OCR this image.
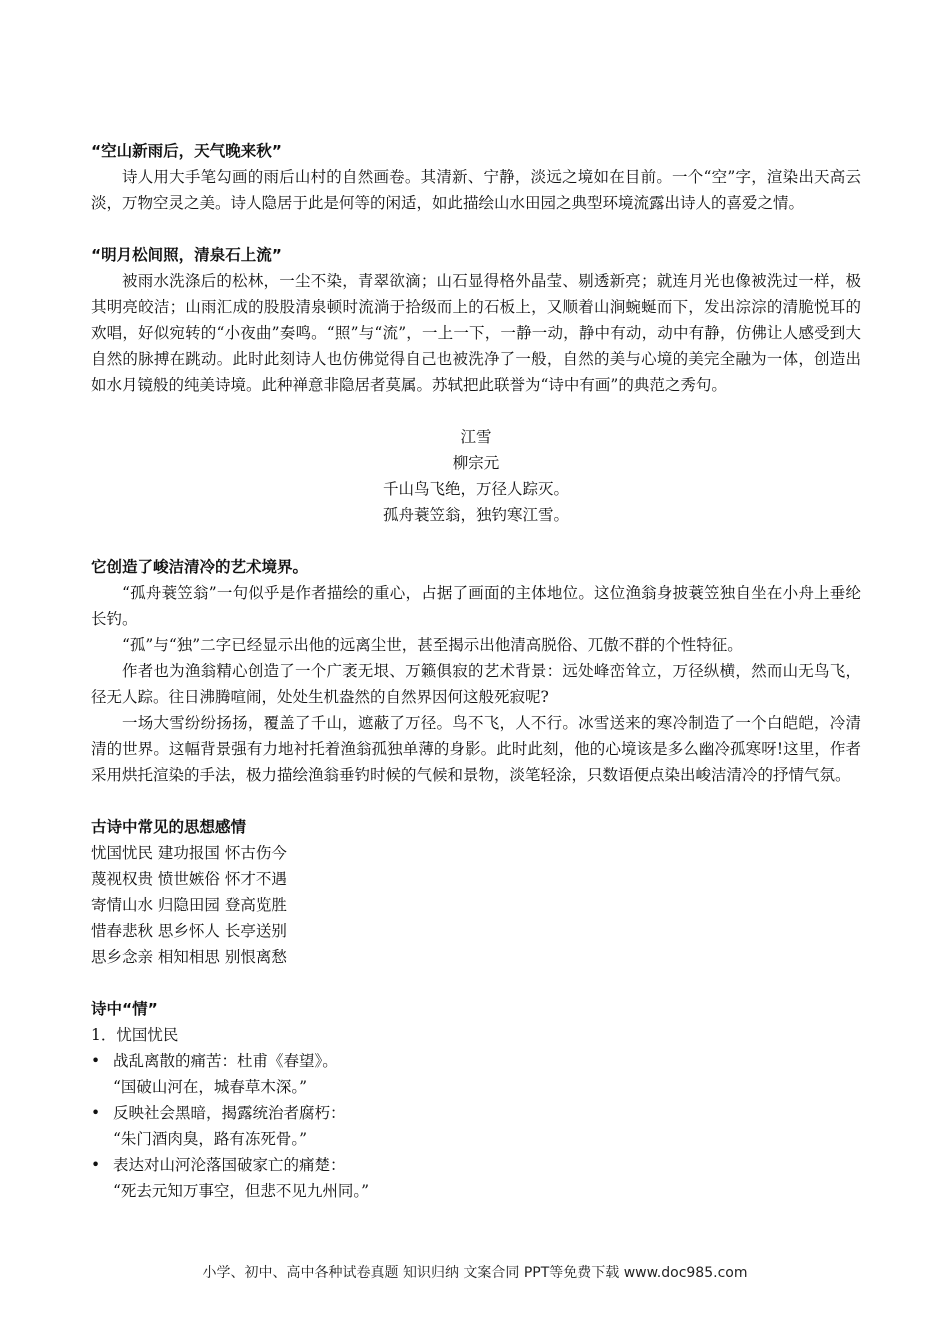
“空山新雨后，天气晚来秋”

诗人用大手笔勾画的雨后山村的自然画卷。其清新、宁静，淡远之境如在目前。一个“空”字，渲染出天高云淡，万物空灵之美。诗人隐居于此是何等的闲适，如此描绘山水田园之典型环境流露出诗人的喜爱之情。

“明月松间照，清泉石上流”

被雨水洗涤后的松林，一尘不染，青翠欲滴；山石显得格外晶莹、剔透新亮；就连月光也像被洗过一样，极其明亮皎洁；山雨汇成的股股清泉顿时流淌于拾级而上的石板上，又顺着山涧蜿蜒而下，发出淙淙的清脆悦耳的欢唱，好似宛转的“小夜曲”奏鸣。“照”与“流”，一上一下，一静一动，静中有动，动中有静，仿佛让人感受到大自然的脉搏在跳动。此时此刻诗人也仿佛觉得自己也被洗净了一般，自然的美与心境的美完全融为一体，创造出如水月镜般的纯美诗境。此种禅意非隐居者莫属。苏轼把此联誉为“诗中有画”的典范之秀句。

江雪
柳宗元
千山鸟飞绝，万径人踪灭。
孤舟蓑笠翁，独钓寒江雪。

它创造了峻洁清冷的艺术境界。

“孤舟蓑笠翁”一句似乎是作者描绘的重心，占据了画面的主体地位。这位渔翁身披蓑笠独自坐在小舟上垂纶长钓。

“孤”与“独”二字已经显示出他的远离尘世，甚至揭示出他清高脱俗、兀傲不群的个性特征。

作者也为渔翁精心创造了一个广袤无垠、万籁俱寂的艺术背景：远处峰峦耸立，万径纵横，然而山无鸟飞，径无人踪。往日沸腾喧闹，处处生机盎然的自然界因何这般死寂呢?

一场大雪纷纷扬扬，覆盖了千山，遮蔽了万径。鸟不飞，人不行。冰雪送来的寒冷制造了一个白皑皑，冷清清的世界。这幅背景强有力地衬托着渔翁孤独单薄的身影。此时此刻，他的心境该是多么幽冷孤寒呀!这里，作者采用烘托渲染的手法，极力描绘渔翁垂钓时候的气候和景物，淡笔轻涂，只数语便点染出峻洁清冷的抒情气氛。

古诗中常见的思想感情

忧国忧民 建功报国 怀古伤今

蔑视权贵 愤世嫉俗 怀才不遇

寄情山水 归隐田园 登高览胜

惜春悲秋 思乡怀人 长亭送别

思乡念亲 相知相思 别恨离愁

诗中“情”

1．忧国忧民

• 战乱离散的痛苦：杜甫《春望》。

“国破山河在，城春草木深。”

• 反映社会黑暗，揭露统治者腐朽：

“朱门酒肉臭，路有冻死骨。”

• 表达对山河沦落国破家亡的痛楚：

“死去元知万事空，但悲不见九州同。”

小学、初中、高中各种试卷真题 知识归纳 文案合同 PPT等免费下载 www.doc985.com
